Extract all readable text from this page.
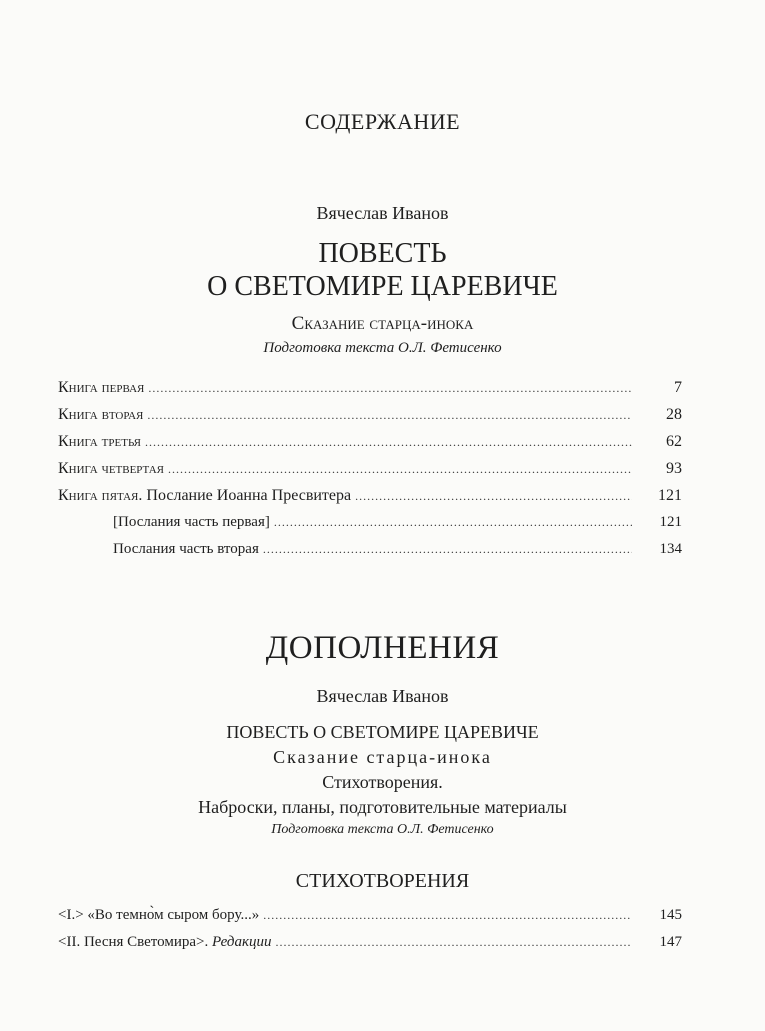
СОДЕРЖАНИЕ
Вячеслав Иванов
ПОВЕСТЬ
О СВЕТОМИРЕ ЦАРЕВИЧЕ
Сказание старца-инока
Подготовка текста О.Л. Фетисенко
Книга первая .....	7
Книга вторая .....	28
Книга третья .....	62
Книга четвертая .....	93
Книга пятая. Послание Иоанна Пресвитера .....	121
[Послания часть первая] .....	121
Послания часть вторая .....	134
ДОПОЛНЕНИЯ
Вячеслав Иванов
ПОВЕСТЬ О СВЕТОМИРЕ ЦАРЕВИЧЕ
Сказание старца-инока
Стихотворения.
Наброски, планы, подготовительные материалы
Подготовка текста О.Л. Фетисенко
СТИХОТВОРЕНИЯ
<I.> «Во темно̀м сыром бору...» .....	145
<II. Песня Светомира>. Редакции .....	147
